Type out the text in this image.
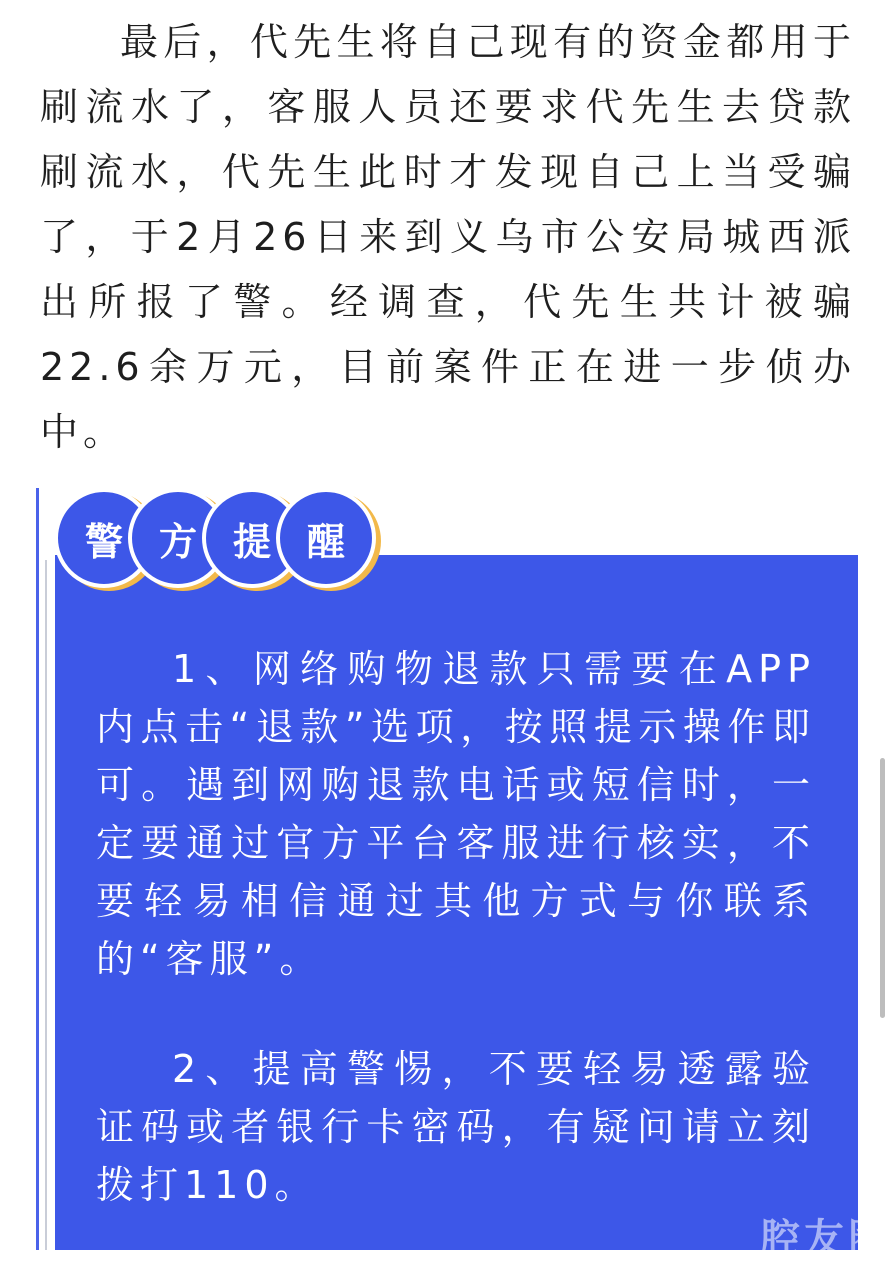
最后，代先生将自己现有的资金都用于刷流水了，客服人员还要求代先生去贷款刷流水，代先生此时才发现自己上当受骗了，于2月26日来到义乌市公安局城西派出所报了警。经调查，代先生共计被骗22.6余万元，目前案件正在进一步侦办中。

警 方 提 醒

1、网络购物退款只需要在APP内点击“退款”选项，按照提示操作即可。遇到网购退款电话或短信时，一定要通过官方平台客服进行核实，不要轻易相信通过其他方式与你联系的“客服”。

2、提高警惕，不要轻易透露验证码或者银行卡密码，有疑问请立刻拨打110。

腔友圈
